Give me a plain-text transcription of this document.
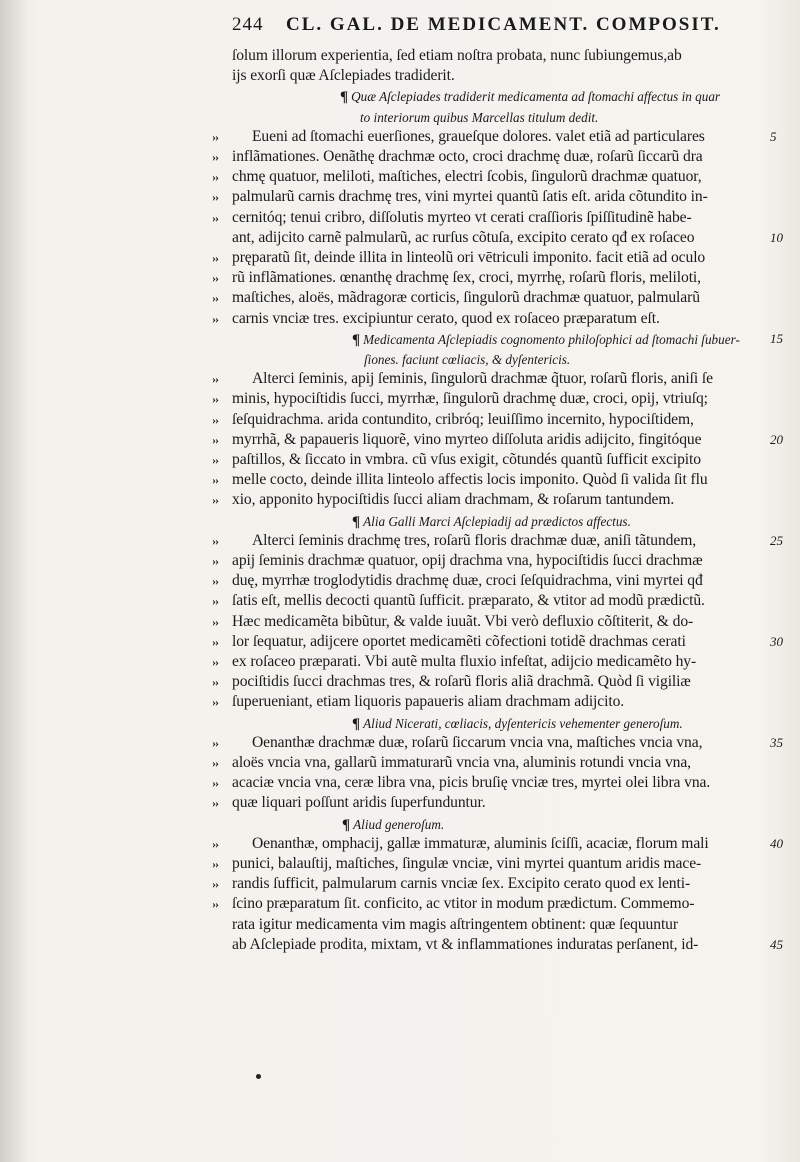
244 CL. GAL. DE MEDICAMENT. COMPOSIT.
ſolum illorum experientia, ſed etiam noſtra probata, nunc ſubiungemus,ab
iјs exorſi quæ Aſclepiades tradiderit.
¶ Quæ Aſclepiades tradiderit medicamenta ad ſtomachi affectus in quar
to interiorum quibus Marcellas titulum dedit.
››	Eueni ad ſtomachi euerſiones, graueſque dolores. valet etiã ad particulares	5
›› inflãmationes. Oenãthę drachmæ octo, croci drachmę duæ, roſarũ ſiccarũ dra
›› chmę quatuor, meliloti, maſtiches, electri ſcobis, ſingulorũ drachmæ quatuor,
›› palmularũ carnis drachmę tres, vini myrtei quantũ ſatis eſt. arida cõtundito in-
›› cernitóq; tenui cribro, diſſolutis myrteo vt cerati craſſioris ſpiſſitudinẽ habe-
ant, adijcito carnẽ palmularũ, ac rurſus cõtuſa, excipito cerato qđ ex roſaceo	10
›› pręparatũ ſit, deinde illita in linteolũ ori vētriculi imponito. facit etiã ad oculo
›› rũ inflãmationes. œnanthę drachmę ſex, croci, myrrhę, roſarũ floris, meliloti,
›› maſtiches, aloës, mãdragoræ corticis, ſingulorũ drachmæ quatuor, palmularũ
›› carnis vnciæ tres. excipiuntur cerato, quod ex roſaceo præparatum eſt.
¶ Medicamenta Aſclepiadis cognomento philoſophici ad ſtomachi ſubuer-	15
ſiones. faciunt cœliacis, & dyſentericis.
››	Alterci ſeminis, apij ſeminis, ſingulorũ drachmæ q̃tuor, roſarũ floris, aniſi ſe
›› minis, hypociſtidis ſucci, myrrhæ, ſingulorũ drachmę duæ, croci, opij, vtriuſq;
›› ſeſquidrachma. arida contundito, cribróq; leuiſſimo incernito, hypociſtidem,
›› myrrhã, & papaueris liquorẽ, vino myrteo diſſoluta aridis adijcito, fingitóque	20
›› paſtillos, & ſiccato in vmbra. cũ vſus exigit, cõtundés quantũ ſufficit excipito
›› melle cocto, deinde illita linteolo affectis locis imponito. Quòd ſi valida ſit flu
›› xio, apponito hypociſtidis ſucci aliam drachmam, & roſarum tantundem.
¶ Alia Galli Marci Aſclepiadij ad prædictos affectus.
››	Alterci ſeminis drachmę tres, roſarũ floris drachmæ duæ, aniſi tãtundem,	25
›› apij ſeminis drachmæ quatuor, opij drachma vna, hypociſtidis ſucci drachmæ
›› duę, myrrhæ troglodytidis drachmę duæ, croci ſeſquidrachma, vini myrtei qđ
›› ſatis eſt, mellis decocti quantũ ſufficit. præparato, & vtitor ad modũ prædictũ.
›› Hæc medicamẽta bibũtur, & valde iuuãt. Vbi verò defluxio cõſtiterit, & do-
›› lor ſequatur, adijcere oportet medicamẽti cõfectioni totidẽ drachmas cerati	30
›› ex roſaceo præparati. Vbi autẽ multa fluxio infeſtat, adijcio medicamẽto hy-
›› pociſtidis ſucci drachmas tres, & roſarũ floris aliã drachmã. Quòd ſi vigiliæ
›› ſuperueniant, etiam liquoris papaueris aliam drachmam adijcito.
¶ Aliud Nicerati, cœliacis, dyſentericis vehementer generoſum.
››	Oenanthæ drachmæ duæ, roſarũ ſiccarum vncia vna, maſtiches vncia vna,	35
›› aloës vncia vna, gallarũ immaturarũ vncia vna, aluminis rotundi vncia vna,
›› acaciæ vncia vna, ceræ libra vna, picis bruſię vnciæ tres, myrtei olei libra vna.
›› quæ liquari poſſunt aridis ſuperfunduntur.
¶ Aliud generoſum.
››	Oenanthæ, omphacij, gallæ immaturæ, aluminis ſciſſi, acaciæ, florum mali	40
›› punici, balauſtij, maſtiches, ſingulæ vnciæ, vini myrtei quantum aridis mace-
›› randis ſufficit, palmularum carnis vnciæ ſex. Excipito cerato quod ex lenti-
›› ſcino præparatum ſit. conficito, ac vtitor in modum prædictum. Commemo-
rata igitur medicamenta vim magis aſtringentem obtinent: quæ ſequuntur
ab Aſclepiade prodita, mixtam, vt & inflammationes induratas perſanent, id-	45
